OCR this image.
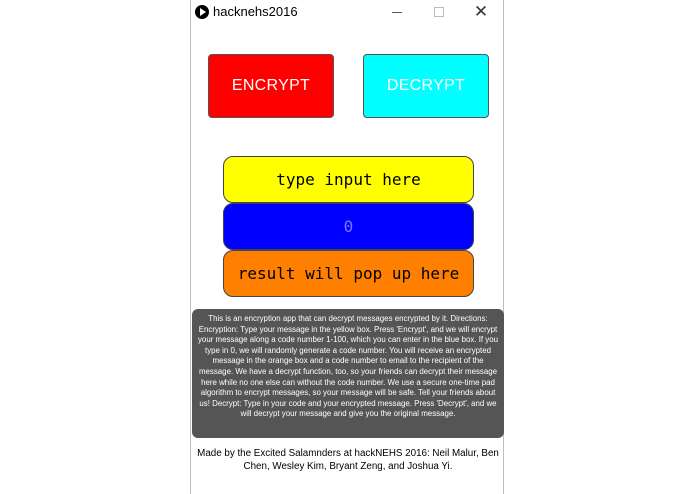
hacknehs2016	✕
ENCRYPT	DECRYPT
type input here
0
result will pop up here
This is an encryption app that can decrypt messages encrypted by it. Directions: Encryption: Type your message in the yellow box. Press 'Encrypt', and we will encrypt your message along a code number 1-100, which you can enter in the blue box. If you type in 0, we will randomly generate a code number. You will receive an encrypted message in the orange box and a code number to email to the recipient of the message. We have a decrypt function, too, so your friends can decrypt their message here while no one else can without the code number. We use a secure one-time pad algorithm to encrypt messages, so your message will be safe. Tell your friends about us! Decrypt: Type in your code and your encrypted message. Press 'Decrypt', and we will decrypt your message and give you the original message.
Made by the Excited Salamnders at hackNEHS 2016: Neil Malur, Ben Chen, Wesley Kim, Bryant Zeng, and Joshua Yi.
